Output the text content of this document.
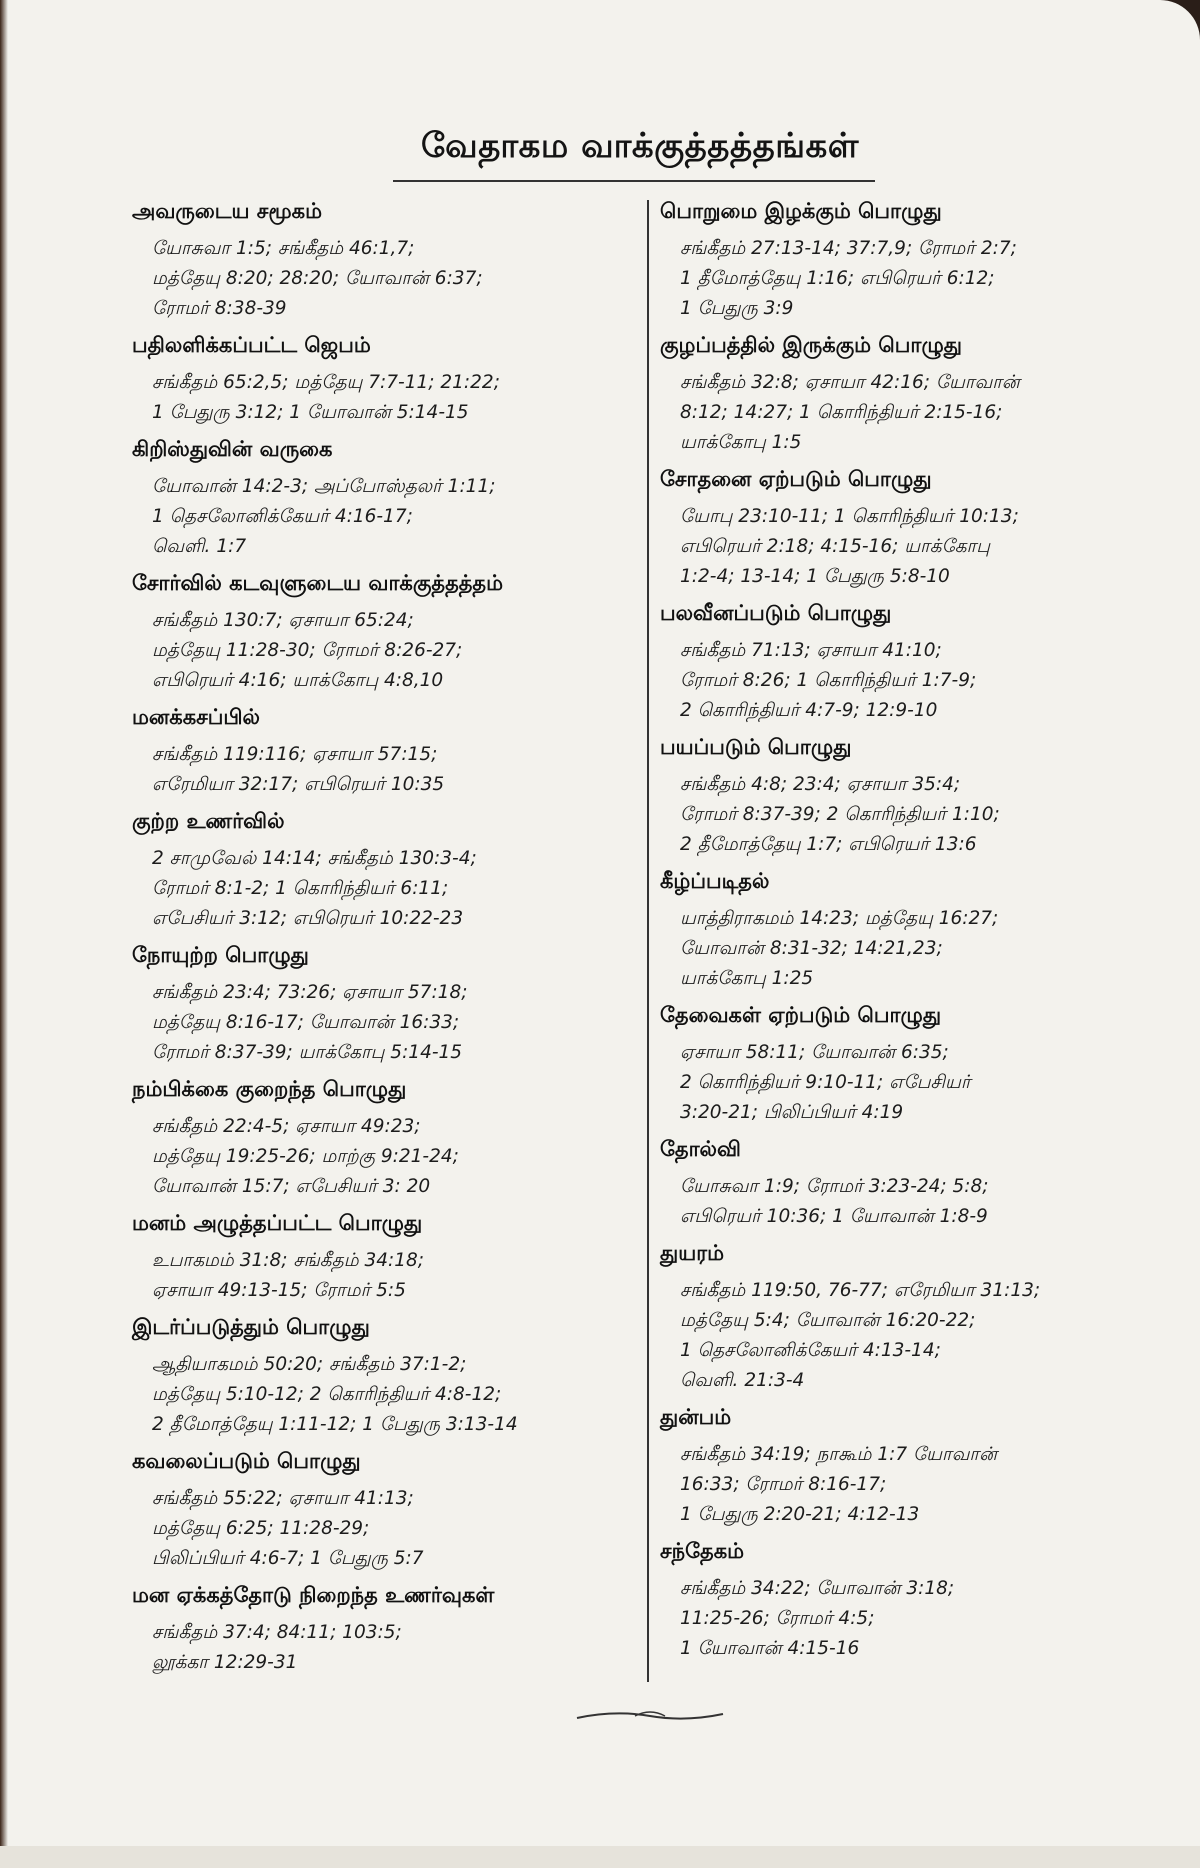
வேதாகம வாக்குத்தத்தங்கள்
அவருடைய சமூகம்
யோசுவா 1:5; சங்கீதம் 46:1,7;
மத்தேயு 8:20; 28:20; யோவான் 6:37;
ரோமர் 8:38-39
பதிலளிக்கப்பட்ட ஜெபம்
சங்கீதம் 65:2,5; மத்தேயு 7:7-11; 21:22;
1 பேதுரு 3:12; 1 யோவான் 5:14-15
கிறிஸ்துவின் வருகை
யோவான் 14:2-3; அப்போஸ்தலர் 1:11;
1 தெசலோனிக்கேயர் 4:16-17;
வெளி. 1:7
சோர்வில் கடவுளுடைய வாக்குத்தத்தம்
சங்கீதம் 130:7; ஏசாயா 65:24;
மத்தேயு 11:28-30; ரோமர் 8:26-27;
எபிரெயர் 4:16; யாக்கோபு 4:8,10
மனக்கசப்பில்
சங்கீதம் 119:116; ஏசாயா 57:15;
எரேமியா 32:17; எபிரெயர் 10:35
குற்ற உணர்வில்
2 சாமுவேல் 14:14; சங்கீதம் 130:3-4;
ரோமர் 8:1-2; 1 கொரிந்தியர் 6:11;
எபேசியர் 3:12; எபிரெயர் 10:22-23
நோயுற்ற பொழுது
சங்கீதம் 23:4; 73:26; ஏசாயா 57:18;
மத்தேயு 8:16-17; யோவான் 16:33;
ரோமர் 8:37-39; யாக்கோபு 5:14-15
நம்பிக்கை குறைந்த பொழுது
சங்கீதம் 22:4-5; ஏசாயா 49:23;
மத்தேயு 19:25-26; மாற்கு 9:21-24;
யோவான் 15:7; எபேசியர் 3: 20
மனம் அழுத்தப்பட்ட பொழுது
உபாகமம் 31:8; சங்கீதம் 34:18;
ஏசாயா 49:13-15; ரோமர் 5:5
இடர்ப்படுத்தும் பொழுது
ஆதியாகமம் 50:20; சங்கீதம் 37:1-2;
மத்தேயு 5:10-12; 2 கொரிந்தியர் 4:8-12;
2 தீமோத்தேயு 1:11-12; 1 பேதுரு 3:13-14
கவலைப்படும் பொழுது
சங்கீதம் 55:22; ஏசாயா 41:13;
மத்தேயு 6:25; 11:28-29;
பிலிப்பியர் 4:6-7; 1 பேதுரு 5:7
மன ஏக்கத்தோடு நிறைந்த உணர்வுகள்
சங்கீதம் 37:4; 84:11; 103:5;
லூக்கா 12:29-31
பொறுமை இழக்கும் பொழுது
சங்கீதம் 27:13-14; 37:7,9; ரோமர் 2:7;
1 தீமோத்தேயு 1:16; எபிரெயர் 6:12;
1 பேதுரு 3:9
குழப்பத்தில் இருக்கும் பொழுது
சங்கீதம் 32:8; ஏசாயா 42:16; யோவான்
8:12; 14:27; 1 கொரிந்தியர் 2:15-16;
யாக்கோபு 1:5
சோதனை ஏற்படும் பொழுது
யோபு 23:10-11; 1 கொரிந்தியர் 10:13;
எபிரெயர் 2:18; 4:15-16; யாக்கோபு
1:2-4; 13-14; 1 பேதுரு 5:8-10
பலவீனப்படும் பொழுது
சங்கீதம் 71:13; ஏசாயா 41:10;
ரோமர் 8:26; 1 கொரிந்தியர் 1:7-9;
2 கொரிந்தியர் 4:7-9; 12:9-10
பயப்படும் பொழுது
சங்கீதம் 4:8; 23:4; ஏசாயா 35:4;
ரோமர் 8:37-39; 2 கொரிந்தியர் 1:10;
2 தீமோத்தேயு 1:7; எபிரெயர் 13:6
கீழ்ப்படிதல்
யாத்திராகமம் 14:23; மத்தேயு 16:27;
யோவான் 8:31-32; 14:21,23;
யாக்கோபு 1:25
தேவைகள் ஏற்படும் பொழுது
ஏசாயா 58:11; யோவான் 6:35;
2 கொரிந்தியர் 9:10-11; எபேசியர்
3:20-21; பிலிப்பியர் 4:19
தோல்வி
யோசுவா 1:9; ரோமர் 3:23-24; 5:8;
எபிரெயர் 10:36; 1 யோவான் 1:8-9
துயரம்
சங்கீதம் 119:50, 76-77; எரேமியா 31:13;
மத்தேயு 5:4; யோவான் 16:20-22;
1 தெசலோனிக்கேயர் 4:13-14;
வெளி. 21:3-4
துன்பம்
சங்கீதம் 34:19; நாகூம் 1:7 யோவான்
16:33; ரோமர் 8:16-17;
1 பேதுரு 2:20-21; 4:12-13
சந்தேகம்
சங்கீதம் 34:22; யோவான் 3:18;
11:25-26; ரோமர் 4:5;
1 யோவான் 4:15-16
